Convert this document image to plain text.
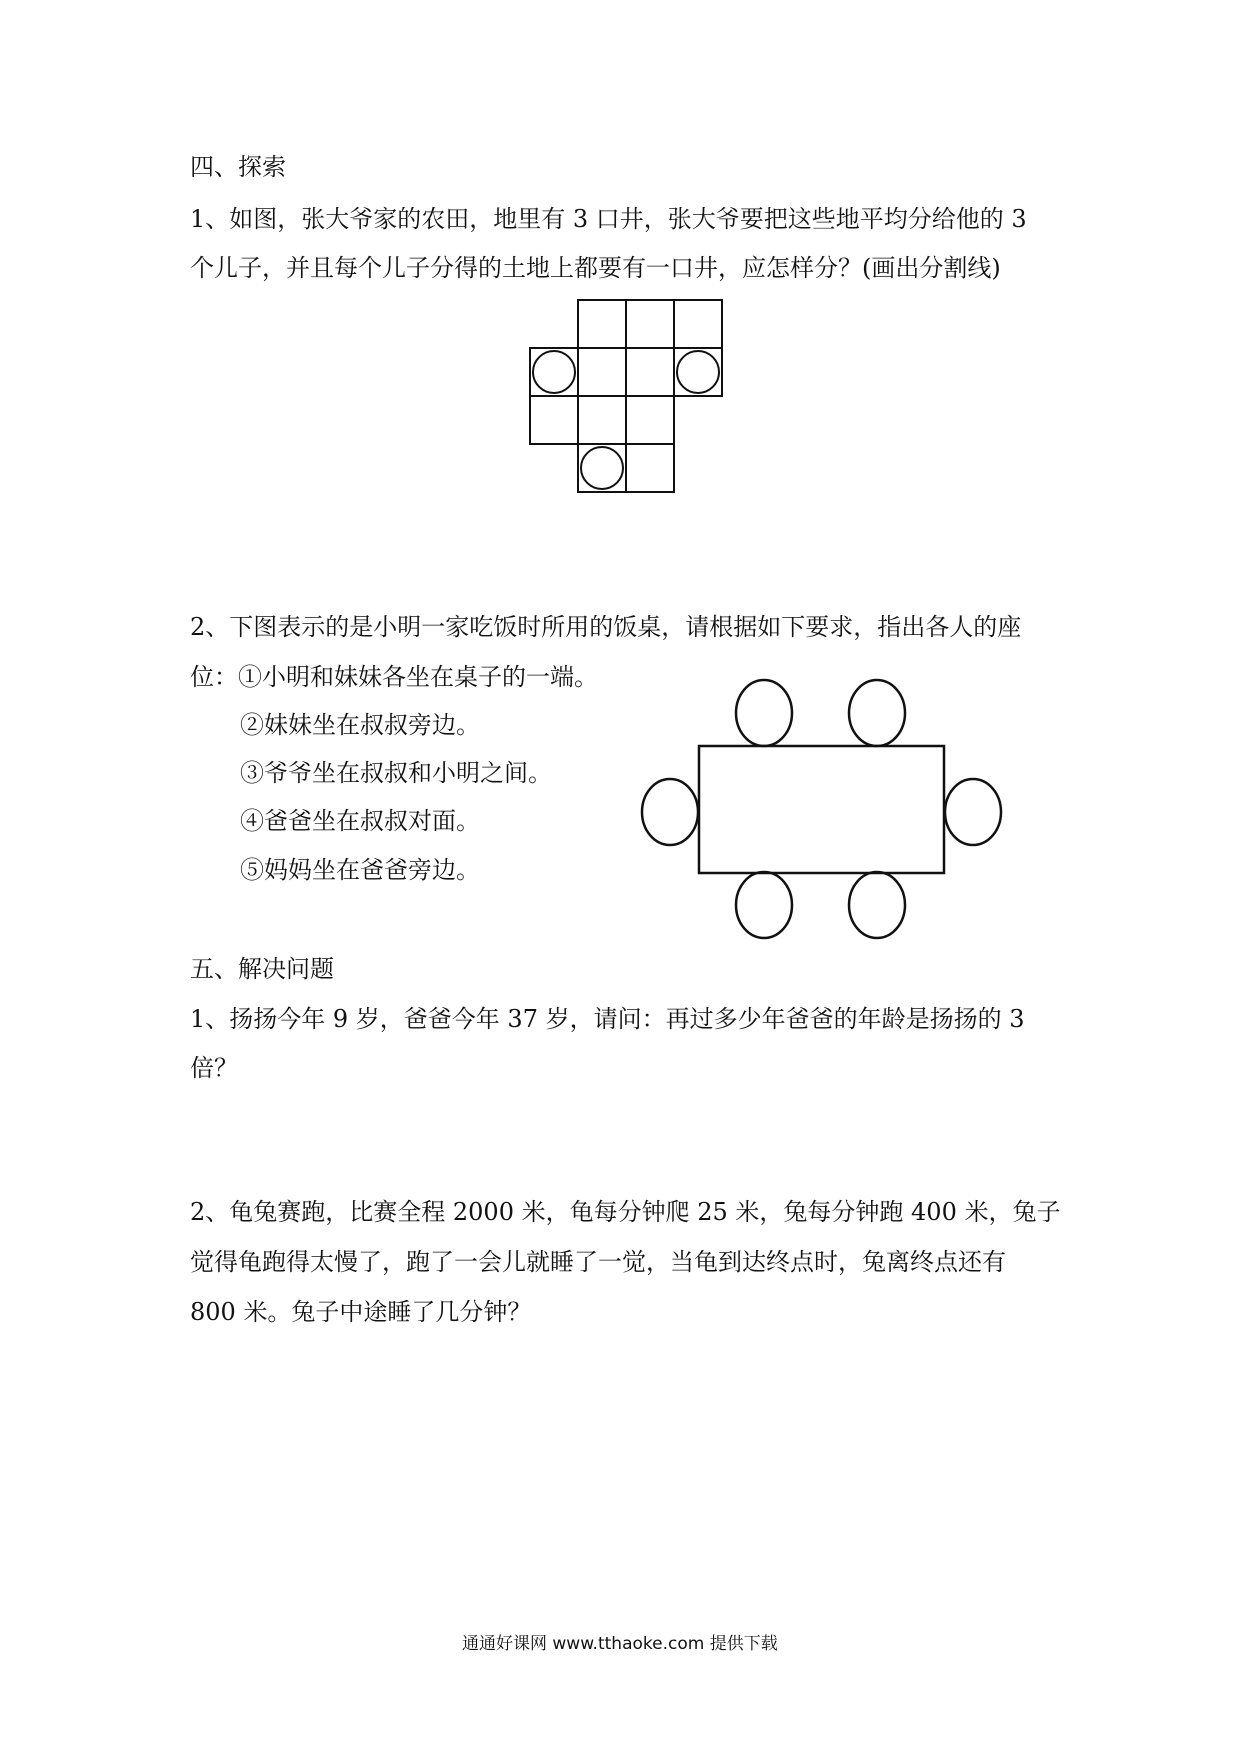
四、探索
1、如图，张大爷家的农田，地里有 3 口井，张大爷要把这些地平均分给他的 3
个儿子，并且每个儿子分得的土地上都要有一口井，应怎样分？(画出分割线)
2、下图表示的是小明一家吃饭时所用的饭桌，请根据如下要求，指出各人的座
位：①小明和妹妹各坐在桌子的一端。
②妹妹坐在叔叔旁边。
③爷爷坐在叔叔和小明之间。
④爸爸坐在叔叔对面。
⑤妈妈坐在爸爸旁边。
五、解决问题
1、扬扬今年 9 岁，爸爸今年 37 岁，请问：再过多少年爸爸的年龄是扬扬的 3
倍？
2、龟兔赛跑，比赛全程 2000 米，龟每分钟爬 25 米，兔每分钟跑 400 米，兔子
觉得龟跑得太慢了，跑了一会儿就睡了一觉，当龟到达终点时，兔离终点还有
800 米。兔子中途睡了几分钟？
通通好课网 www.tthaoke.com 提供下载
